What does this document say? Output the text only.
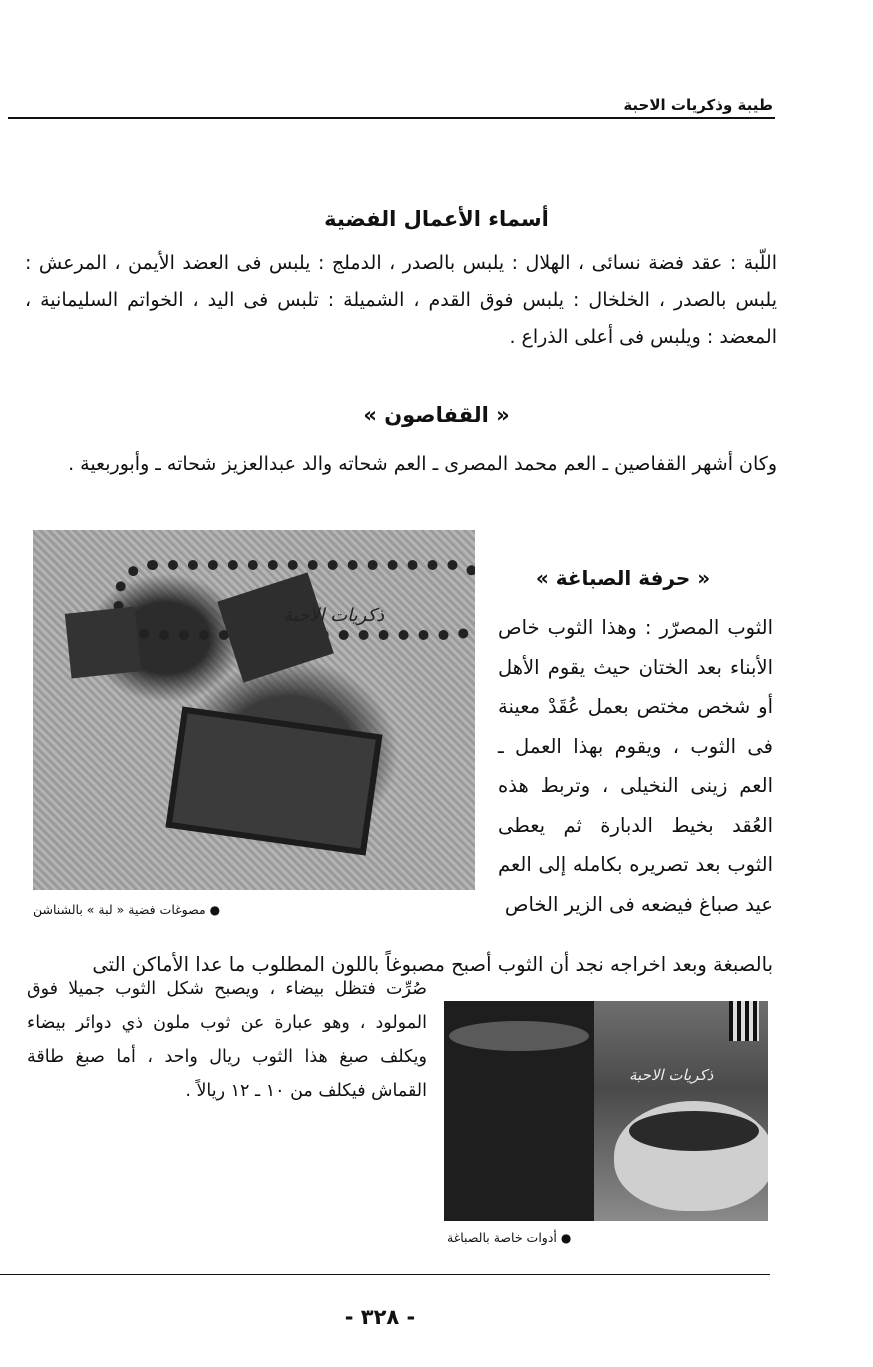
طيبة وذكريات الاحبة
أسماء الأعمال الفضية

اللّبة : عقد فضة نسائى ، الهلال : يلبس بالصدر ، الدملج : يلبس فى العضد الأيمن ، المرعش : يلبس بالصدر ، الخلخال : يلبس فوق القدم ، الشميلة : تلبس فى اليد ، الخواتم السليمانية ، المعضد : ويلبس فى أعلى الذراع .

« القفاصون »

وكان أشهر القفاصين ـ العم محمد المصرى ـ العم شحاته والد عبدالعزيز شحاته ـ وأبوربعية .

ذكريات الاحبة
● مصوغات فضية « لبة » بالشناشن
« حرفة الصباغة »

الثوب المصرّر : وهذا الثوب خاص الأبناء بعد الختان حيث يقوم الأهل أو شخص مختص بعمل عُقَدْ معينة فى الثوب ، ويقوم بهذا العمل ـ العم زينى النخيلى ، وتربط هذه العُقد بخيط الدبارة ثم يعطى الثوب بعد تصريره بكامله إلى العم عيد صباغ فيضعه فى الزير الخاص

بالصبغة وبعد اخراجه نجد أن الثوب أصبح مصبوغاً باللون المطلوب ما عدا الأماكن التى

ذكريات الاحبة

صُرِّت فتظل بيضاء ، ويصبح شكل الثوب جميلا فوق المولود ، وهو عبارة عن ثوب ملون ذي دوائر بيضاء ويكلف صبغ هذا الثوب ريال واحد ، أما صبغ طاقة القماش فيكلف من ١٠ ـ ١٢ ريالاً .

● أدوات خاصة بالصباغة
- ٣٢٨ -
